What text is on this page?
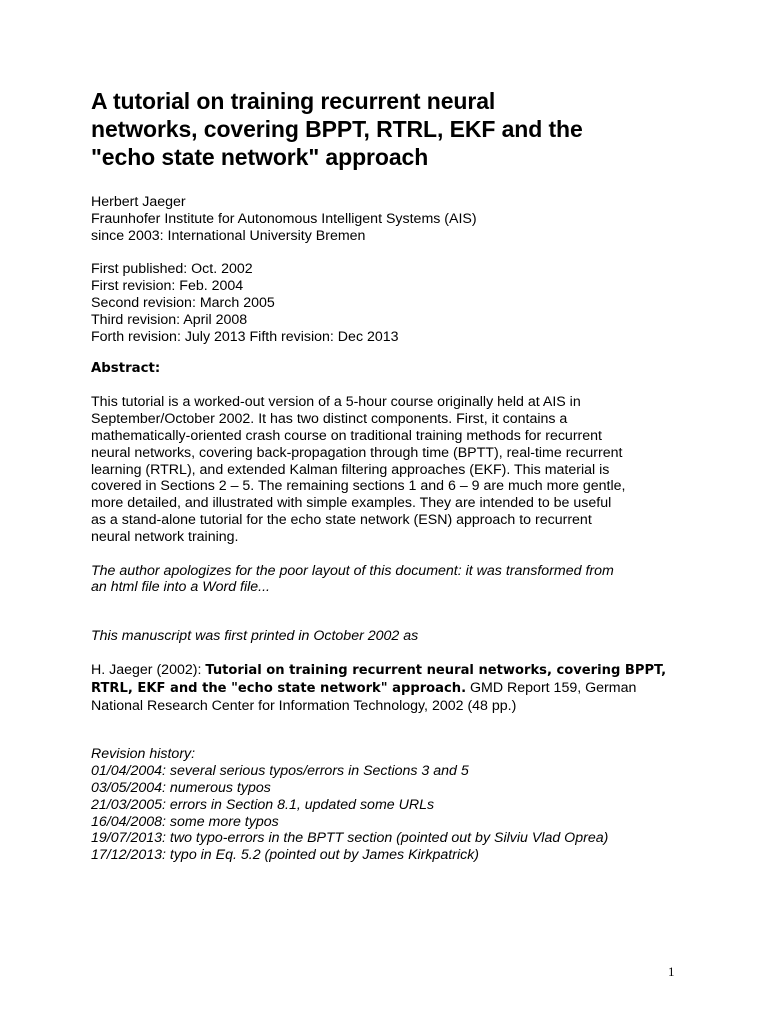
A tutorial on training recurrent neural
networks, covering BPPT, RTRL, EKF and the
"echo state network" approach
Herbert Jaeger
Fraunhofer Institute for Autonomous Intelligent Systems (AIS)
since 2003: International University Bremen
First published: Oct. 2002
First revision: Feb. 2004
Second revision: March 2005
Third revision: April 2008
Forth revision: July 2013 Fifth revision: Dec 2013
Abstract:
This tutorial is a worked-out version of a 5-hour course originally held at AIS in
September/October 2002. It has two distinct components. First, it contains a
mathematically-oriented crash course on traditional training methods for recurrent
neural networks, covering back-propagation through time (BPTT), real-time recurrent
learning (RTRL), and extended Kalman filtering approaches (EKF). This material is
covered in Sections 2 – 5. The remaining sections 1 and 6 – 9 are much more gentle,
more detailed, and illustrated with simple examples. They are intended to be useful
as a stand-alone tutorial for the echo state network (ESN) approach to recurrent
neural network training.
The author apologizes for the poor layout of this document: it was transformed from
an html file into a Word file...
This manuscript was first printed in October 2002 as
H. Jaeger (2002): Tutorial on training recurrent neural networks, covering BPPT,
RTRL, EKF and the "echo state network" approach. GMD Report 159, German
National Research Center for Information Technology, 2002 (48 pp.)
Revision history:
01/04/2004: several serious typos/errors in Sections 3 and 5
03/05/2004: numerous typos
21/03/2005: errors in Section 8.1, updated some URLs
16/04/2008: some more typos
19/07/2013: two typo-errors in the BPTT section (pointed out by Silviu Vlad Oprea)
17/12/2013: typo in Eq. 5.2 (pointed out by James Kirkpatrick)
1
